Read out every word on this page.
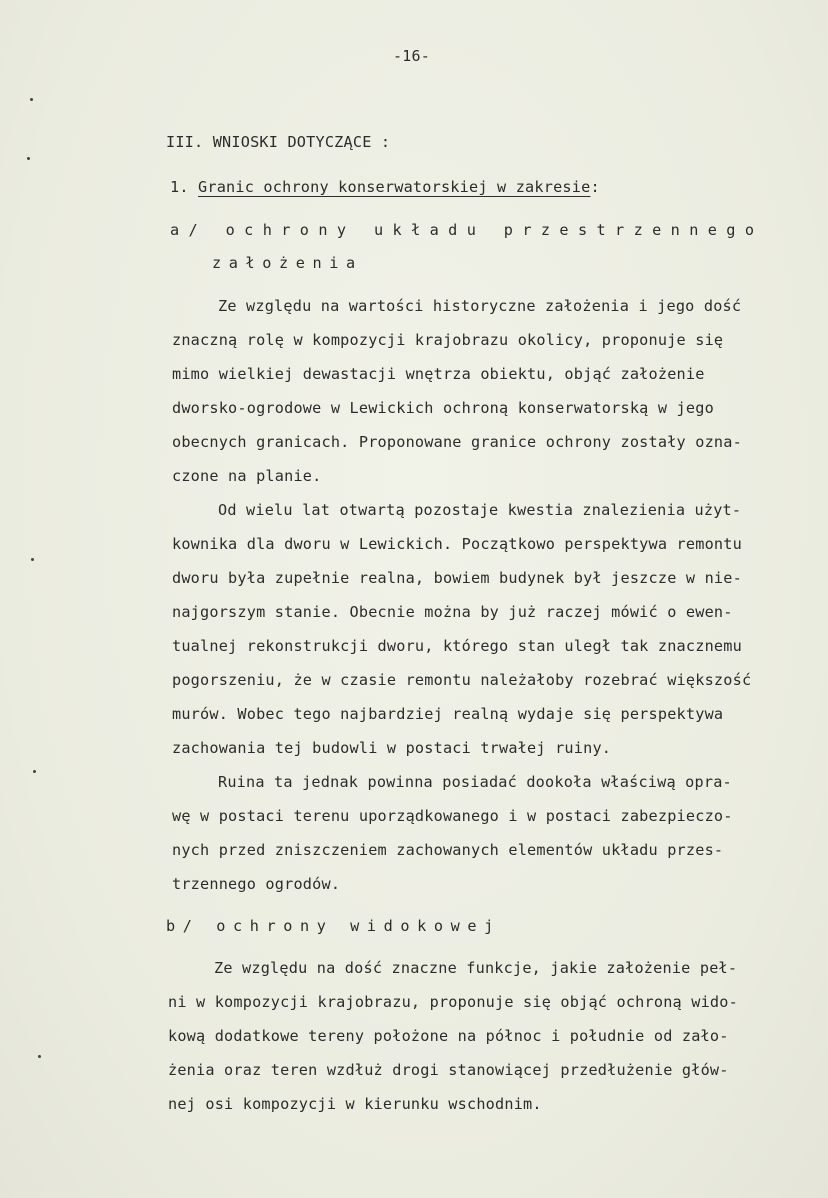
-16-
III. WNIOSKI DOTYCZĄCE :
1. Granic ochrony konserwatorskiej w zakresie:
a/ ochrony układu przestrzennego
założenia
Ze względu na wartości historyczne założenia i jego dość
znaczną rolę w kompozycji krajobrazu okolicy, proponuje się
mimo wielkiej dewastacji wnętrza obiektu, objąć założenie
dworsko-ogrodowe w Lewickich ochroną konserwatorską w jego
obecnych granicach. Proponowane granice ochrony zostały ozna-
czone na planie.
Od wielu lat otwartą pozostaje kwestia znalezienia użyt-
kownika dla dworu w Lewickich. Początkowo perspektywa remontu
dworu była zupełnie realna, bowiem budynek był jeszcze w nie-
najgorszym stanie. Obecnie można by już raczej mówić o ewen-
tualnej rekonstrukcji dworu, którego stan uległ tak znacznemu
pogorszeniu, że w czasie remontu należałoby rozebrać większość
murów. Wobec tego najbardziej realną wydaje się perspektywa
zachowania tej budowli w postaci trwałej ruiny.
Ruina ta jednak powinna posiadać dookoła właściwą opra-
wę w postaci terenu uporządkowanego i w postaci zabezpieczo-
nych przed zniszczeniem zachowanych elementów układu przes-
trzennego ogrodów.
b/ ochrony widokowej
Ze względu na dość znaczne funkcje, jakie założenie peł-
ni w kompozycji krajobrazu, proponuje się objąć ochroną wido-
kową dodatkowe tereny położone na północ i południe od zało-
żenia oraz teren wzdłuż drogi stanowiącej przedłużenie głów-
nej osi kompozycji w kierunku wschodnim.
